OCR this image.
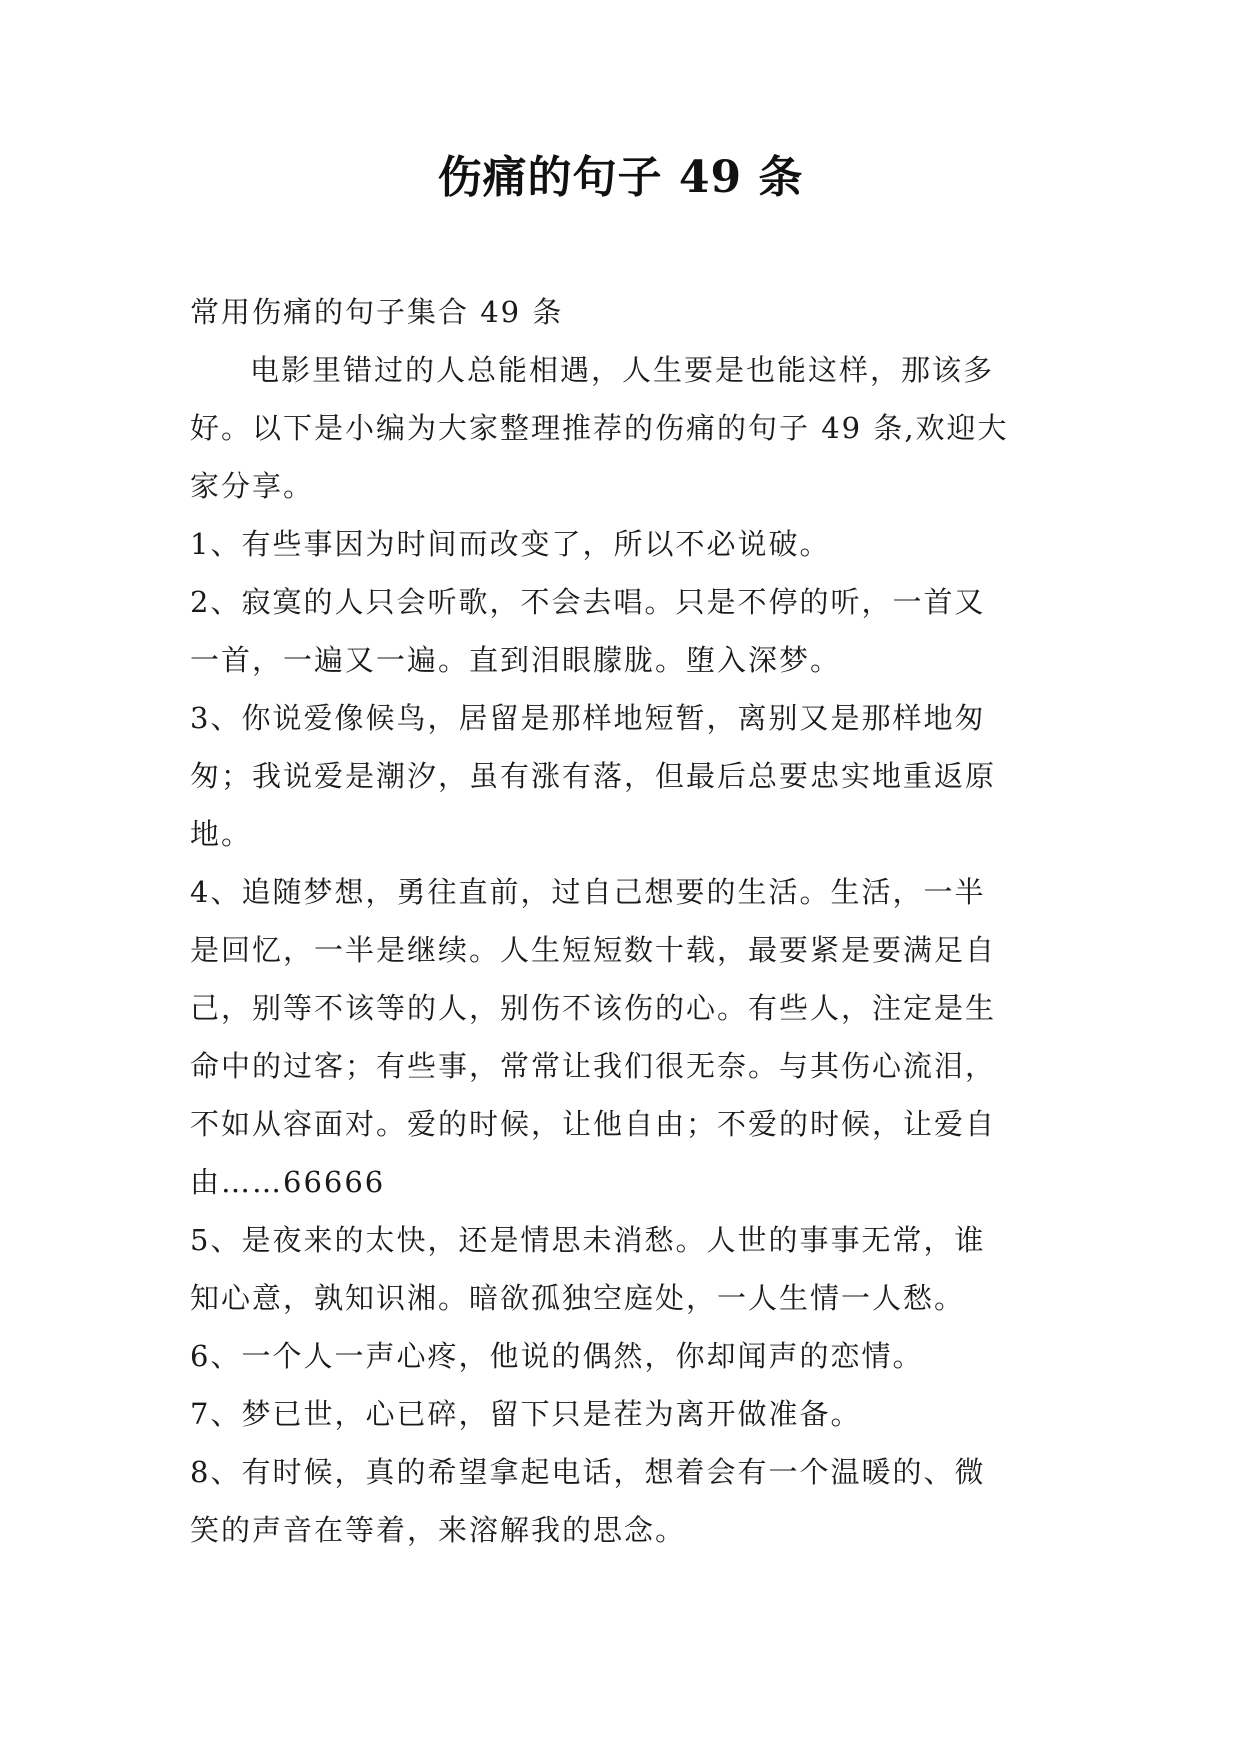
伤痛的句子 49 条
常用伤痛的句子集合 49 条
电影里错过的人总能相遇，人生要是也能这样，那该多
好。以下是小编为大家整理推荐的伤痛的句子 49 条,欢迎大
家分享。
1、有些事因为时间而改变了，所以不必说破。
2、寂寞的人只会听歌，不会去唱。只是不停的听，一首又
一首，一遍又一遍。直到泪眼朦胧。堕入深梦。
3、你说爱像候鸟，居留是那样地短暂，离别又是那样地匆
匆；我说爱是潮汐，虽有涨有落，但最后总要忠实地重返原
地。
4、追随梦想，勇往直前，过自己想要的生活。生活，一半
是回忆，一半是继续。人生短短数十载，最要紧是要满足自
己，别等不该等的人，别伤不该伤的心。有些人，注定是生
命中的过客；有些事，常常让我们很无奈。与其伤心流泪，
不如从容面对。爱的时候，让他自由；不爱的时候，让爱自
由……66666
5、是夜来的太快，还是情思未消愁。人世的事事无常，谁
知心意，孰知识湘。暗欲孤独空庭处，一人生情一人愁。
6、一个人一声心疼，他说的偶然，你却闻声的恋情。
7、梦已世，心已碎，留下只是茬为离开做准备。
8、有时候，真的希望拿起电话，想着会有一个温暖的、微
笑的声音在等着，来溶解我的思念。
